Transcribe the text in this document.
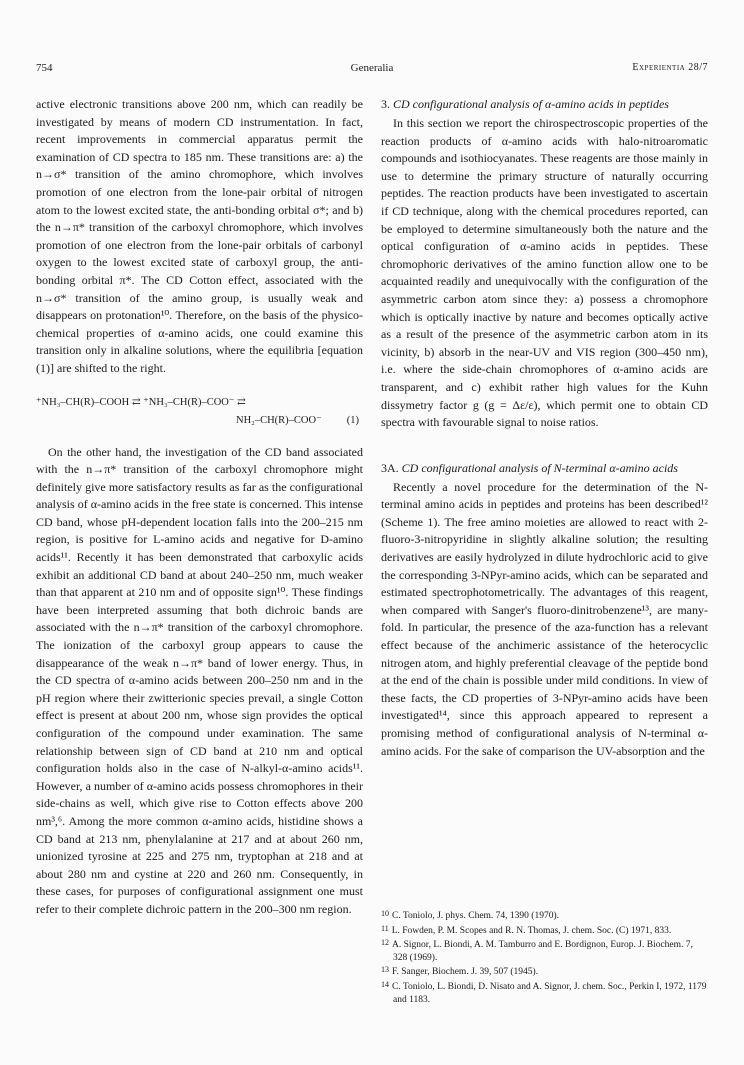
754	Generalia	Experientia 28/7

active electronic transitions above 200 nm, which can readily be investigated by means of modern CD instrumentation. In fact, recent improvements in commercial apparatus permit the examination of CD spectra to 185 nm. These transitions are: a) the n→σ* transition of the amino chromophore, which involves promotion of one electron from the lone-pair orbital of nitrogen atom to the lowest excited state, the anti-bonding orbital σ*; and b) the n→π* transition of the carboxyl chromophore, which involves promotion of one electron from the lone-pair orbitals of carbonyl oxygen to the lowest excited state of carboxyl group, the anti-bonding orbital π*. The CD Cotton effect, associated with the n→σ* transition of the amino group, is usually weak and disappears on protonation¹⁰. Therefore, on the basis of the physico-chemical properties of α-amino acids, one could examine this transition only in alkaline solutions, where the equilibria [equation (1)] are shifted to the right.

⁺NH₃–CH(R)–COOH ⇄ ⁺NH₃–CH(R)–COO⁻ ⇄
NH₂–CH(R)–COO⁻	(1)

On the other hand, the investigation of the CD band associated with the n→π* transition of the carboxyl chromophore might definitely give more satisfactory results as far as the configurational analysis of α-amino acids in the free state is concerned. This intense CD band, whose pH-dependent location falls into the 200–215 nm region, is positive for L-amino acids and negative for D-amino acids¹¹. Recently it has been demonstrated that carboxylic acids exhibit an additional CD band at about 240–250 nm, much weaker than that apparent at 210 nm and of opposite sign¹⁰. These findings have been interpreted assuming that both dichroic bands are associated with the n→π* transition of the carboxyl chromophore. The ionization of the carboxyl group appears to cause the disappearance of the weak n→π* band of lower energy. Thus, in the CD spectra of α-amino acids between 200–250 nm and in the pH region where their zwitterionic species prevail, a single Cotton effect is present at about 200 nm, whose sign provides the optical configuration of the compound under examination. The same relationship between sign of CD band at 210 nm and optical configuration holds also in the case of N-alkyl-α-amino acids¹¹. However, a number of α-amino acids possess chromophores in their side-chains as well, which give rise to Cotton effects above 200 nm³,⁶. Among the more common α-amino acids, histidine shows a CD band at 213 nm, phenylalanine at 217 and at about 260 nm, unionized tyrosine at 225 and 275 nm, tryptophan at 218 and at about 280 nm and cystine at 220 and 260 nm. Consequently, in these cases, for purposes of configurational assignment one must refer to their complete dichroic pattern in the 200–300 nm region.

3. CD configurational analysis of α-amino acids in peptides

In this section we report the chirospectroscopic properties of the reaction products of α-amino acids with halo-nitroaromatic compounds and isothiocyanates. These reagents are those mainly in use to determine the primary structure of naturally occurring peptides. The reaction products have been investigated to ascertain if CD technique, along with the chemical procedures reported, can be employed to determine simultaneously both the nature and the optical configuration of α-amino acids in peptides. These chromophoric derivatives of the amino function allow one to be acquainted readily and unequivocally with the configuration of the asymmetric carbon atom since they: a) possess a chromophore which is optically inactive by nature and becomes optically active as a result of the presence of the asymmetric carbon atom in its vicinity, b) absorb in the near-UV and VIS region (300–450 nm), i.e. where the side-chain chromophores of α-amino acids are transparent, and c) exhibit rather high values for the Kuhn dissymetry factor g (g = Δε/ε), which permit one to obtain CD spectra with favourable signal to noise ratios.

3A. CD configurational analysis of N-terminal α-amino acids

Recently a novel procedure for the determination of the N-terminal amino acids in peptides and proteins has been described¹² (Scheme 1). The free amino moieties are allowed to react with 2-fluoro-3-nitropyridine in slightly alkaline solution; the resulting derivatives are easily hydrolyzed in dilute hydrochloric acid to give the corresponding 3-NPyr-amino acids, which can be separated and estimated spectrophotometrically. The advantages of this reagent, when compared with Sanger's fluoro-dinitrobenzene¹³, are many-fold. In particular, the presence of the aza-function has a relevant effect because of the anchimeric assistance of the heterocyclic nitrogen atom, and highly preferential cleavage of the peptide bond at the end of the chain is possible under mild conditions. In view of these facts, the CD properties of 3-NPyr-amino acids have been investigated¹⁴, since this approach appeared to represent a promising method of configurational analysis of N-terminal α-amino acids. For the sake of comparison the UV-absorption and the

$^{10}$ C. Toniolo, J. phys. Chem. 74, 1390 (1970).

$^{11}$ L. Fowden, P. M. Scopes and R. N. Thomas, J. chem. Soc. (C) 1971, 833.

$^{12}$ A. Signor, L. Biondi, A. M. Tamburro and E. Bordignon, Europ. J. Biochem. 7, 328 (1969).

$^{13}$ F. Sanger, Biochem. J. 39, 507 (1945).

$^{14}$ C. Toniolo, L. Biondi, D. Nisato and A. Signor, J. chem. Soc., Perkin I, 1972, 1179 and 1183.
